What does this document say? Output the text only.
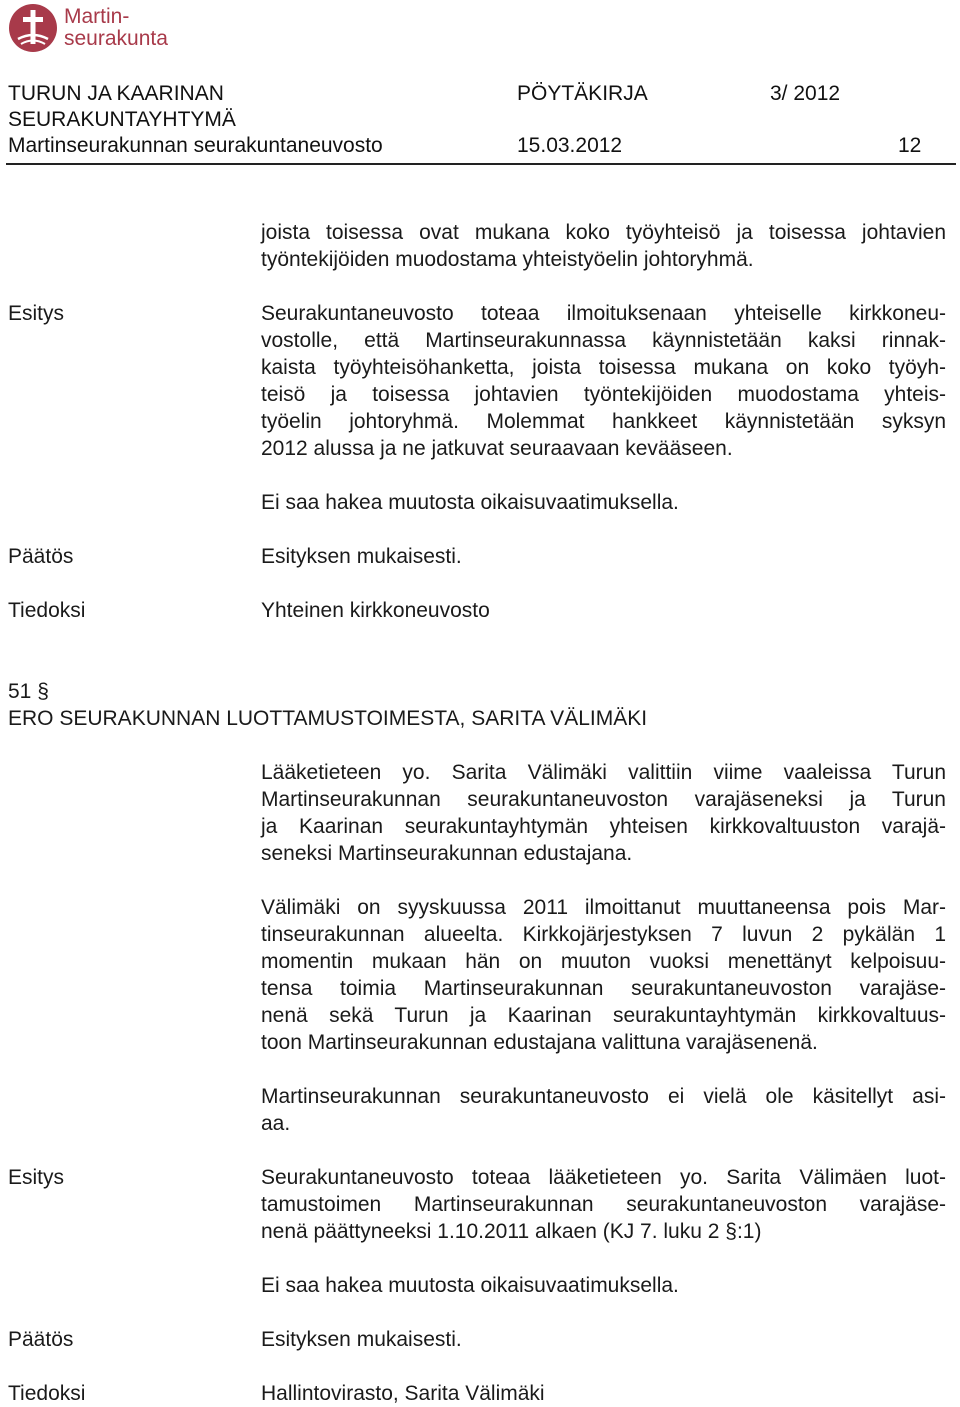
Martin-
seurakunta
TURUN JA KAARINAN
SEURAKUNTAYHTYMÄ
Martinseurakunnan seurakuntaneuvosto
PÖYTÄKIRJA	3/ 2012
15.03.2012	12
joista toisessa ovat mukana koko työyhteisö ja toisessa johtavien
työntekijöiden muodostama yhteistyöelin johtoryhmä.
Esitys	Seurakuntaneuvosto toteaa ilmoituksenaan yhteiselle kirkkoneu-
vostolle, että Martinseurakunnassa käynnistetään kaksi rinnak-
kaista työyhteisöhanketta, joista toisessa mukana on koko työyh-
teisö ja toisessa johtavien työntekijöiden muodostama yhteis-
työelin johtoryhmä. Molemmat hankkeet käynnistetään syksyn
2012 alussa ja ne jatkuvat seuraavaan kevääseen.
Ei saa hakea muutosta oikaisuvaatimuksella.
Päätös	Esityksen mukaisesti.
Tiedoksi	Yhteinen kirkkoneuvosto
51 §
ERO SEURAKUNNAN LUOTTAMUSTOIMESTA, SARITA VÄLIMÄKI
Lääketieteen yo. Sarita Välimäki valittiin viime vaaleissa Turun
Martinseurakunnan seurakuntaneuvoston varajäseneksi ja Turun
ja Kaarinan seurakuntayhtymän yhteisen kirkkovaltuuston varajä-
seneksi Martinseurakunnan edustajana.
Välimäki on syyskuussa 2011 ilmoittanut muuttaneensa pois Mar-
tinseurakunnan alueelta. Kirkkojärjestyksen 7 luvun 2 pykälän 1
momentin mukaan hän on muuton vuoksi menettänyt kelpoisuu-
tensa toimia Martinseurakunnan seurakuntaneuvoston varajäse-
nenä sekä Turun ja Kaarinan seurakuntayhtymän kirkkovaltuus-
toon Martinseurakunnan edustajana valittuna varajäsenenä.
Martinseurakunnan seurakuntaneuvosto ei vielä ole käsitellyt asi-
aa.
Esitys	Seurakuntaneuvosto toteaa lääketieteen yo. Sarita Välimäen luot-
tamustoimen Martinseurakunnan seurakuntaneuvoston varajäse-
nenä päättyneeksi 1.10.2011 alkaen (KJ 7. luku 2 §:1)
Ei saa hakea muutosta oikaisuvaatimuksella.
Päätös	Esityksen mukaisesti.
Tiedoksi	Hallintovirasto, Sarita Välimäki
